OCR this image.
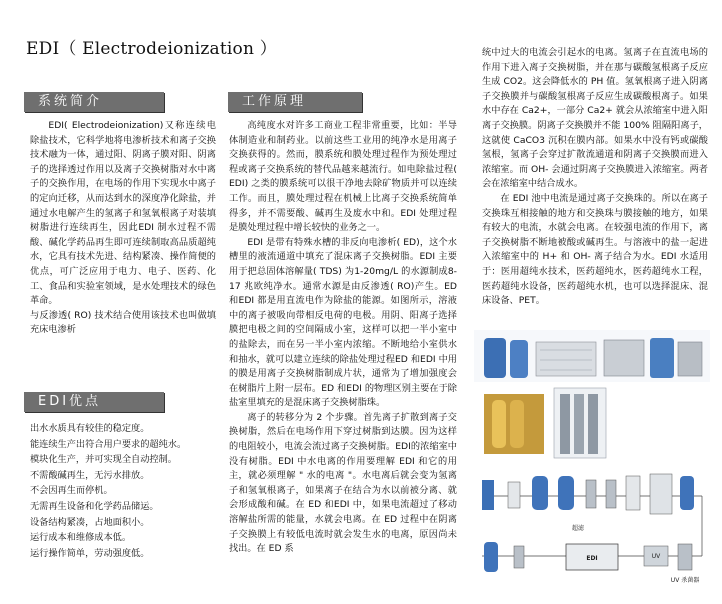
EDI（ Electrodeionization ）
系统简介

EDI( Electrodeionization)又称连续电除盐技术，它科学地将电渗析技术和离子交换技术融为一体，通过阳、阴离子膜对阳、阴离子的选择透过作用以及离子交换树脂对水中离子的交换作用，在电场的作用下实现水中离子的定向迁移，从而达到水的深度净化除盐，并通过水电解产生的氢离子和氢氧根离子对装填树脂进行连续再生，因此EDI 制水过程不需酸、碱化学药品再生即可连续制取高品质超纯水，它具有技术先进、结构紧凑、操作简便的优点，可广泛应用于电力、电子、医药、化工、食品和实验室领域，是水处理技术的绿色革命。

与反渗透( RO) 技术结合使用该技术也叫做填充床电渗析

EDI优点
出水水质具有较佳的稳定度。
能连续生产出符合用户要求的超纯水。
模块化生产，并可实现全自动控制。
不需酸碱再生，无污水排放。
不会因再生而停机。
无需再生设备和化学药品储运。
设备结构紧凑，占地面积小。
运行成本和维修成本低。
运行操作简单，劳动强度低。
工作原理

高纯度水对许多工商业工程非常重要，比如：半导体制造业和制药业。以前这些工业用的纯净水是用离子交换获得的。然而，膜系统和膜处理过程作为预处理过程或离子交换系统的替代品越来越流行。如电除盐过程( EDI) 之类的膜系统可以很干净地去除矿物质并可以连续工作。而且，膜处理过程在机械上比离子交换系统简单得多，并不需要酸、碱再生及废水中和。EDI 处理过程是膜处理过程中增长较快的业务之一。

EDI 是带有特殊水槽的非反向电渗析( ED)，这个水槽里的液流通道中填充了混床离子交换树脂。EDI 主要用于把总固体溶解量( TDS) 为1-20mg/L 的水源制成8-17 兆欧纯净水。通常水源是由反渗透( RO)产生。ED 和EDI 都是用直流电作为除盐的能源。如图所示，溶液中的离子被吸向带相反电荷的电极。用阴、阳离子选择膜把电极之间的空间隔成小室，这样可以把一半小室中的盐除去，而在另一半小室内浓缩。不断地给小室供水和抽水，就可以建立连续的除盐处理过程ED 和EDI 中用的膜是用离子交换树脂制成片状，通常为了增加强度会在树脂片上附一层布。ED 和EDI 的物理区别主要在于除盐室里填充的是混床离子交换树脂珠。

离子的转移分为 2 个步骤。首先离子扩散到离子交换树脂，然后在电场作用下穿过树脂到达膜。因为这样的电阻较小，电流会流过离子交换树脂。EDI的浓缩室中没有树脂。EDI 中水电离的作用要理解 EDI 和它的用主，就必须理解 " 水的电离 "。水电离后就会变为氢离子和氢氧根离子，如果离子在结合为水以前被分离、就会形成酸和碱。在 ED 和EDI 中，如果电流超过了移动溶解盐所需的能量，水就会电离。在 ED 过程中在阴离子交换膜上有较低电流时就会发生水的电离，原因尚未找出。在 ED 系

统中过大的电流会引起水的电离。氢离子在直流电场的作用下进入离子交换树脂，并在那与碳酸氢根离子反应生成 CO2。这会降低水的 PH 值。氢氧根离子进入阴离子交换膜并与碳酸氢根离子反应生成碳酸根离子。如果水中存在 Ca2+，一部分 Ca2+ 就会从浓缩室中进入阳离子交换膜。阴离子交换膜并不能 100% 阻隔阳离子，这就使 CaCO3 沉积在膜内部。如果水中没有钙或碳酸氢根，氢离子会穿过扩散流通道和阴离子交换膜而进入浓缩室。而 OH- 会通过阴离子交换膜进入浓缩室。两者会在浓缩室中结合成水。

在 EDI 池中电流是通过离子交换珠的。所以在离子交换珠互相接触的地方和交换珠与膜接触的地方，如果有较大的电流，水就会电离。在较强电流的作用下，离子交换树脂不断地被酸或碱再生。与溶液中的盐一起进入浓缩室中的 H+ 和 OH- 离子结合为水。EDI 水适用于：医用超纯水技术，医药超纯水，医药超纯水工程，医药超纯水设备，医药超纯水机，也可以选择混床、混床设备、PET。

EDI	UV
UV 杀菌器
超滤
